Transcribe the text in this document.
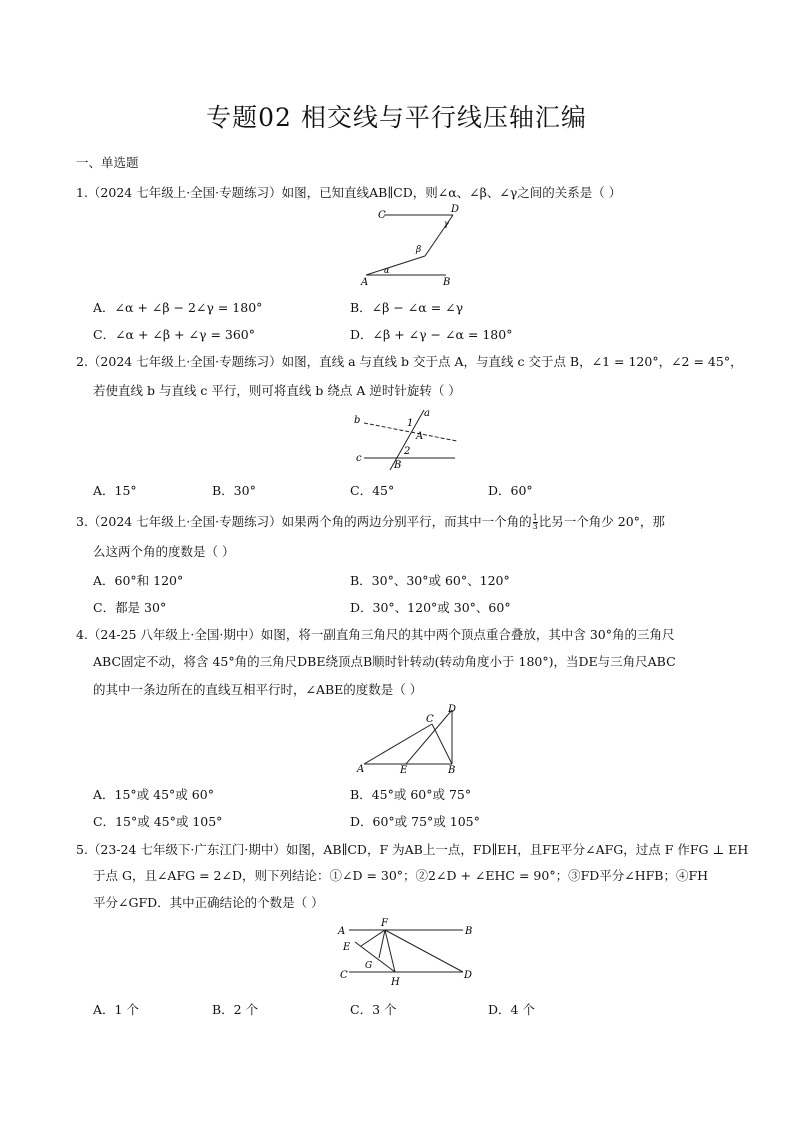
专题02 相交线与平行线压轴汇编
一、单选题
1.（2024 七年级上·全国·专题练习）如图，已知直线AB∥CD，则∠α、∠β、∠γ之间的关系是（ ）
C
D
γ
β
α
A	B
A．∠α + ∠β − 2∠γ = 180°	B．∠β − ∠α = ∠γ
C．∠α + ∠β + ∠γ = 360°	D．∠β + ∠γ − ∠α = 180°
2.（2024 七年级上·全国·专题练习）如图，直线 a 与直线 b 交于点 A，与直线 c 交于点 B，∠1 = 120°，∠2 = 45°，
若使直线 b 与直线 c 平行，则可将直线 b 绕点 A 逆时针旋转（ ）
a
b	1
A
c
2
B
A．15°	B．30°	C．45°	D．60°
3.（2024 七年级上·全国·专题练习）如果两个角的两边分别平行，而其中一个角的 $\frac{1}{3}$ 比另一个角少 20°，那
么这两个角的度数是（ ）
A．60°和 120°	B．30°、30°或 60°、120°
C．都是 30°	D．30°、120°或 30°、60°
4.（24-25 八年级上·全国·期中）如图，将一副直角三角尺的其中两个顶点重合叠放，其中含 30°角的三角尺
ABC固定不动，将含 45°角的三角尺DBE绕顶点B顺时针转动(转动角度小于 180°)，当DE与三角尺ABC
的其中一条边所在的直线互相平行时，∠ABE的度数是（ ）
C
D
A	E	B
A．15°或 45°或 60°	B．45°或 60°或 75°
C．15°或 45°或 105°	D．60°或 75°或 105°
5.（23-24 七年级下·广东江门·期中）如图，AB∥CD，F 为AB上一点，FD∥EH，且FE平分∠AFG，过点 F 作FG ⊥ EH
于点 G，且∠AFG = 2∠D，则下列结论：①∠D = 30°；②2∠D + ∠EHC = 90°；③FD平分∠HFB；④FH
平分∠GFD．其中正确结论的个数是（ ）
A
F
B
E
G
C
H
D
A．1 个	B．2 个	C．3 个	D．4 个
